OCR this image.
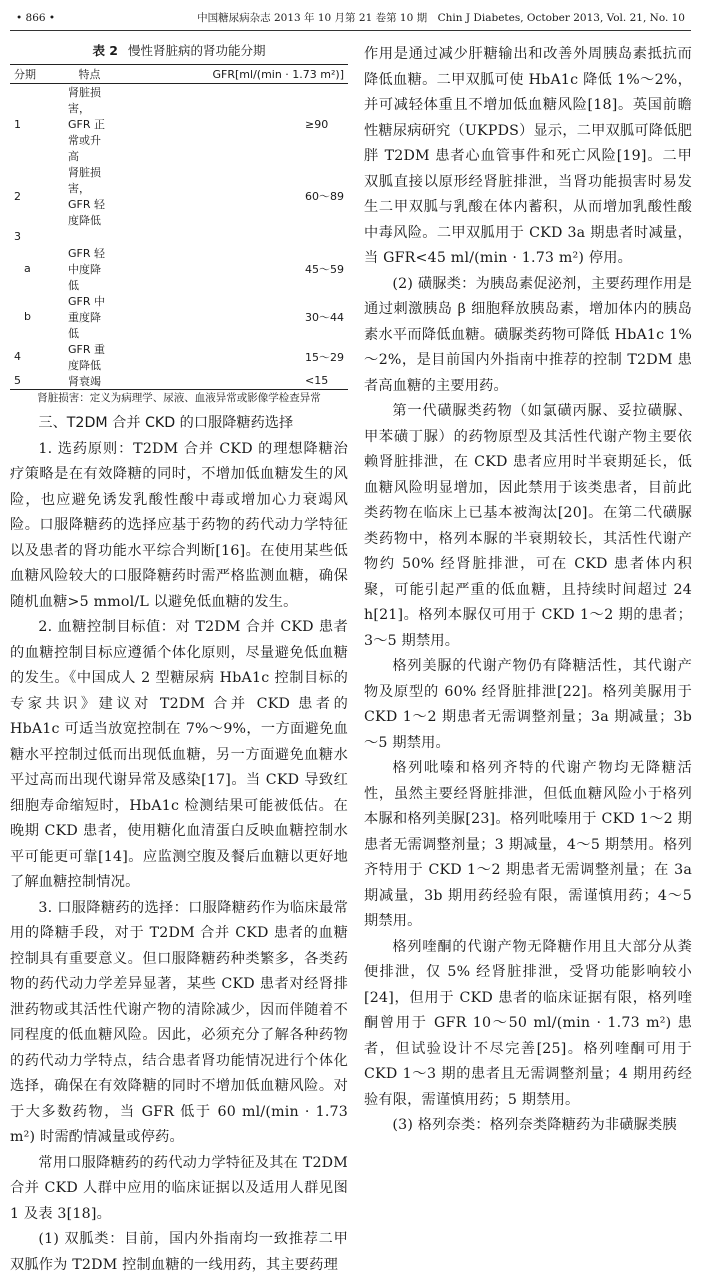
• 866 •	中国糖尿病杂志 2013 年 10 月第 21 卷第 10 期　Chin J Diabetes, October 2013, Vol. 21, No. 10

表 2 慢性肾脏病的肾功能分期

分期	特点	GFR[ml/(min · 1.73 m²)]
1	肾脏损害，GFR 正常或升高	≥90
2	肾脏损害，GFR 轻度降低	60～89
3		
a	GFR 轻中度降低	45～59
b	GFR 中重度降低	30～44
4	GFR 重度降低	15～29
5	肾衰竭	<15

肾脏损害：定义为病理学、尿液、血液异常或影像学检查异常

三、T2DM 合并 CKD 的口服降糖药选择

1. 选药原则：T2DM 合并 CKD 的理想降糖治疗策略是在有效降糖的同时，不增加低血糖发生的风险，也应避免诱发乳酸性酸中毒或增加心力衰竭风险。口服降糖药的选择应基于药物的药代动力学特征以及患者的肾功能水平综合判断[16]。在使用某些低血糖风险较大的口服降糖药时需严格监测血糖，确保随机血糖>5 mmol/L 以避免低血糖的发生。

2. 血糖控制目标值：对 T2DM 合并 CKD 患者的血糖控制目标应遵循个体化原则，尽量避免低血糖的发生。《中国成人 2 型糖尿病 HbA1c 控制目标的专家共识》建议对 T2DM 合并 CKD 患者的 HbA1c 可适当放宽控制在 7%～9%，一方面避免血糖水平控制过低而出现低血糖，另一方面避免血糖水平过高而出现代谢异常及感染[17]。当 CKD 导致红细胞寿命缩短时，HbA1c 检测结果可能被低估。在晚期 CKD 患者，使用糖化血清蛋白反映血糖控制水平可能更可靠[14]。应监测空腹及餐后血糖以更好地了解血糖控制情况。

3. 口服降糖药的选择：口服降糖药作为临床最常用的降糖手段，对于 T2DM 合并 CKD 患者的血糖控制具有重要意义。但口服降糖药种类繁多，各类药物的药代动力学差异显著，某些 CKD 患者对经肾排泄药物或其活性代谢产物的清除减少，因而伴随着不同程度的低血糖风险。因此，必须充分了解各种药物的药代动力学特点，结合患者肾功能情况进行个体化选择，确保在有效降糖的同时不增加低血糖风险。对于大多数药物，当 GFR 低于 60 ml/(min · 1.73 m²) 时需酌情减量或停药。

常用口服降糖药的药代动力学特征及其在 T2DM 合并 CKD 人群中应用的临床证据以及适用人群见图 1 及表 3[18]。

(1) 双胍类：目前，国内外指南均一致推荐二甲双胍作为 T2DM 控制血糖的一线用药，其主要药理

作用是通过减少肝糖输出和改善外周胰岛素抵抗而降低血糖。二甲双胍可使 HbA1c 降低 1%～2%，并可减轻体重且不增加低血糖风险[18]。英国前瞻性糖尿病研究（UKPDS）显示，二甲双胍可降低肥胖 T2DM 患者心血管事件和死亡风险[19]。二甲双胍直接以原形经肾脏排泄，当肾功能损害时易发生二甲双胍与乳酸在体内蓄积，从而增加乳酸性酸中毒风险。二甲双胍用于 CKD 3a 期患者时减量，当 GFR<45 ml/(min · 1.73 m²) 停用。

(2) 磺脲类：为胰岛素促泌剂，主要药理作用是通过刺激胰岛 β 细胞释放胰岛素，增加体内的胰岛素水平而降低血糖。磺脲类药物可降低 HbA1c 1%～2%，是目前国内外指南中推荐的控制 T2DM 患者高血糖的主要用药。

第一代磺脲类药物（如氯磺丙脲、妥拉磺脲、甲苯磺丁脲）的药物原型及其活性代谢产物主要依赖肾脏排泄，在 CKD 患者应用时半衰期延长，低血糖风险明显增加，因此禁用于该类患者，目前此类药物在临床上已基本被淘汰[20]。在第二代磺脲类药物中，格列本脲的半衰期较长，其活性代谢产物约 50% 经肾脏排泄，可在 CKD 患者体内积聚，可能引起严重的低血糖，且持续时间超过 24 h[21]。格列本脲仅可用于 CKD 1～2 期的患者；3～5 期禁用。

格列美脲的代谢产物仍有降糖活性，其代谢产物及原型的 60% 经肾脏排泄[22]。格列美脲用于 CKD 1～2 期患者无需调整剂量；3a 期减量；3b～5 期禁用。

格列吡嗪和格列齐特的代谢产物均无降糖活性，虽然主要经肾脏排泄，但低血糖风险小于格列本脲和格列美脲[23]。格列吡嗪用于 CKD 1～2 期患者无需调整剂量；3 期减量，4～5 期禁用。格列齐特用于 CKD 1～2 期患者无需调整剂量；在 3a 期减量，3b 期用药经验有限，需谨慎用药；4～5 期禁用。

格列喹酮的代谢产物无降糖作用且大部分从粪便排泄，仅 5% 经肾脏排泄，受肾功能影响较小[24]，但用于 CKD 患者的临床证据有限，格列喹酮曾用于 GFR 10～50 ml/(min · 1.73 m²) 患者，但试验设计不尽完善[25]。格列喹酮可用于 CKD 1～3 期的患者且无需调整剂量；4 期用药经验有限，需谨慎用药；5 期禁用。

(3) 格列奈类：格列奈类降糖药为非磺脲类胰
